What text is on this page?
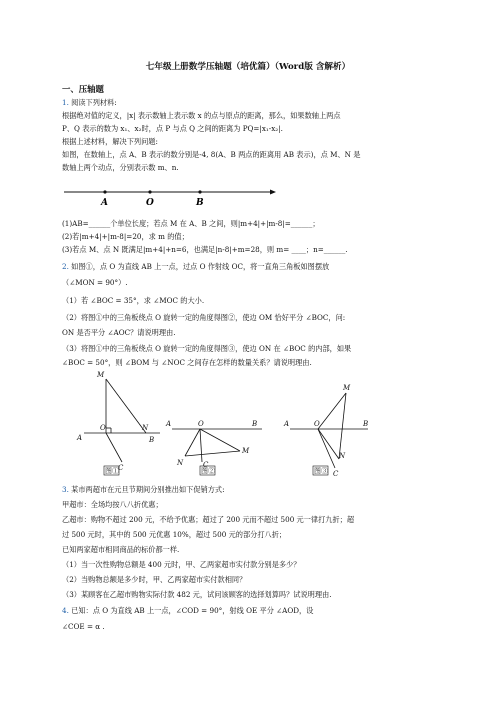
七年级上册数学压轴题（培优篇）（Word版 含解析）
一、压轴题
1. 阅读下列材料:
根据绝对值的定义，|x| 表示数轴上表示数 x 的点与原点的距离，那么，如果数轴上两点
P、Q 表示的数为 x₁、x₂时，点 P 与点 Q 之间的距离为 PQ=|x₁-x₂|.
根据上述材料，解决下列问题:
如图，在数轴上，点 A、B 表示的数分别是-4, 8(A、B 两点的距离用 AB 表示)，点 M、N 是
数轴上两个动点，分别表示数 m、n.
A	O	B
M
A
O	N
B
C
图①
A	O	B
M
N	C
图②
M
A	O	B
N
C
图③
(1)AB=______个单位长度；若点 M 在 A、B 之间，则|m+4|+|m-8|=______；
(2)若|m+4|+|m-8|=20，求 m 的值；
(3)若点 M、点 N 既满足|m+4|+n=6，也满足|n-8|+m=28，则 m= ____；n=______.
2. 如图①，点 O 为直线 AB 上一点，过点 O 作射线 OC，将一直角三角板如图摆放
（∠MON = 90°）.
（1）若 ∠BOC = 35°，求 ∠MOC 的大小.
（2）将图①中的三角板绕点 O 旋转一定的角度得图②，使边 OM 恰好平分 ∠BOC，问:
ON 是否平分 ∠AOC？请说明理由.
（3）将图①中的三角板绕点 O 旋转一定的角度得图③，使边 ON 在 ∠BOC 的内部，如果
∠BOC = 50°，则 ∠BOM 与 ∠NOC 之间存在怎样的数量关系？请说明理由.
3. 某市两超市在元旦节期间分别推出如下促销方式:
甲超市：全场均按八八折优惠；
乙超市：购物不超过 200 元，不给予优惠；超过了 200 元而不超过 500 元一律打九折；超
过 500 元时，其中的 500 元优惠 10%，超过 500 元的部分打八折；
已知两家超市相同商品的标价都一样.
（1）当一次性购物总额是 400 元时，甲、乙两家超市实付款分别是多少？
（2）当购物总额是多少时，甲、乙两家超市实付款相同？
（3）某顾客在乙超市购物实际付款 482 元，试问该顾客的选择划算吗？试说明理由.
4. 已知：点 O 为直线 AB 上一点，∠COD = 90°，射线 OE 平分 ∠AOD，设
∠COE = α .
